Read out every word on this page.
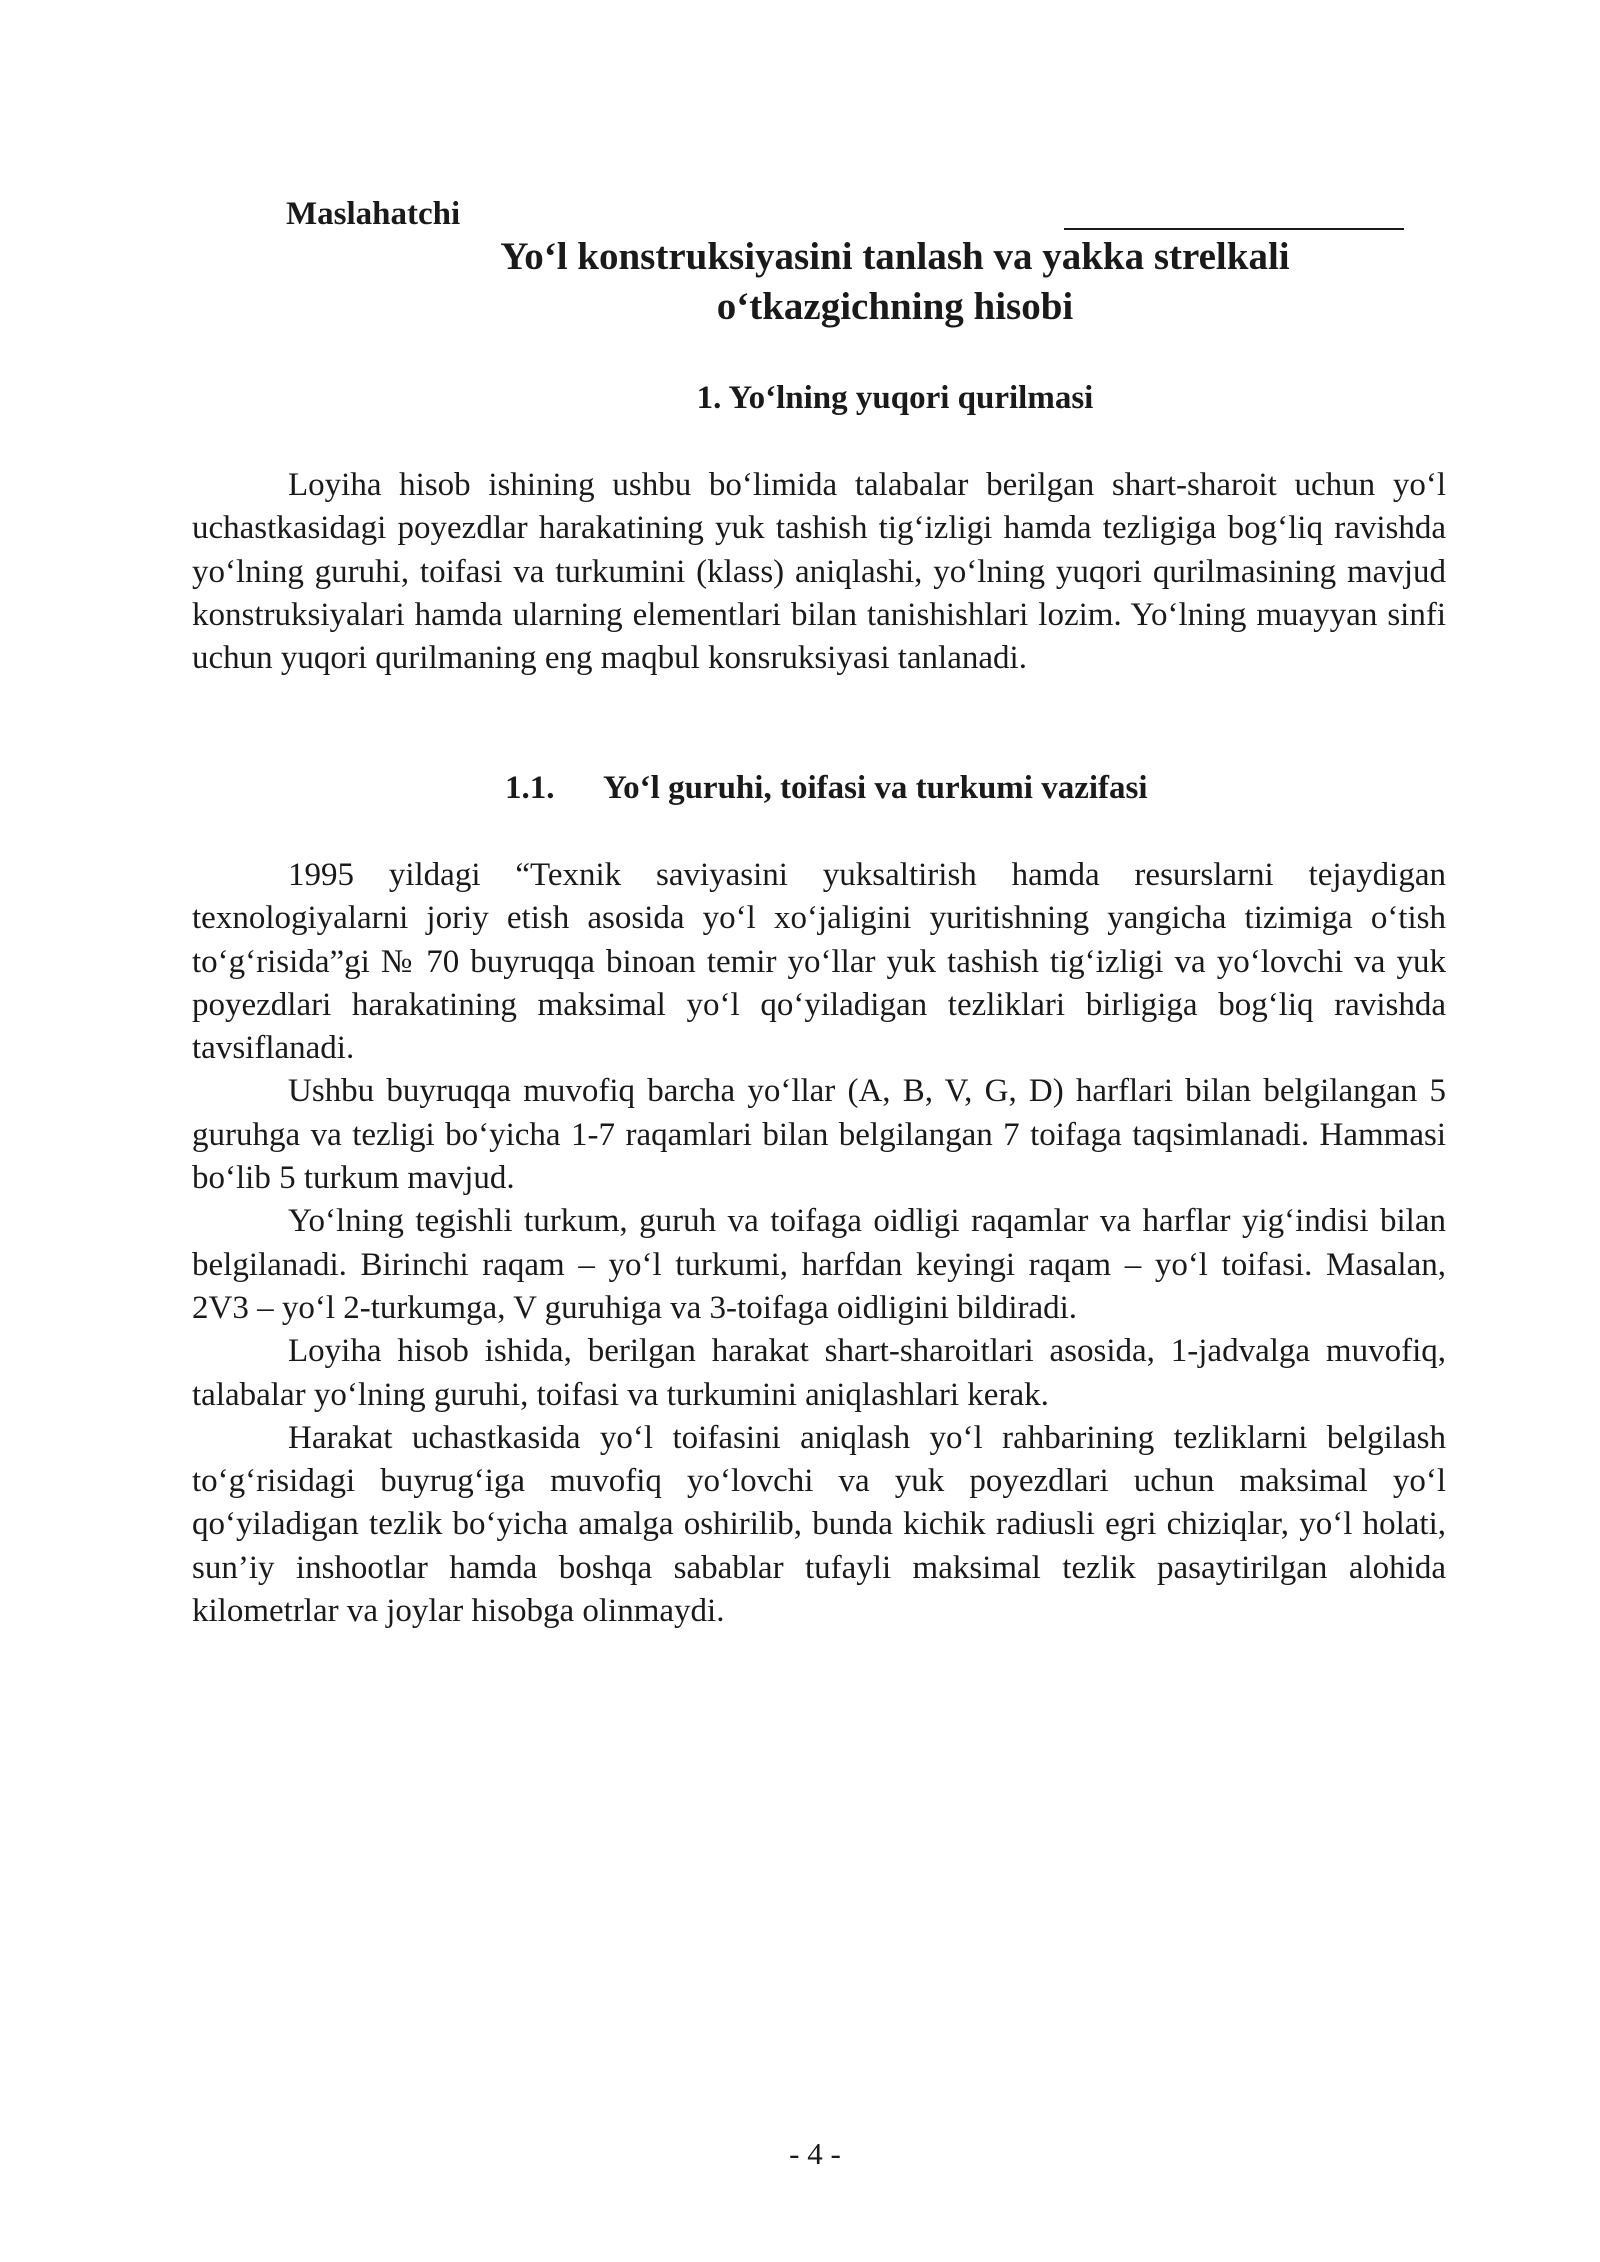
Maslahatchi
Yo‘l konstruksiyasini tanlash va yakka strelkali
o‘tkazgichning hisobi
1. Yo‘lning yuqori qurilmasi

Loyiha hisob ishining ushbu bo‘limida talabalar berilgan shart-sharoit uchun yo‘l uchastkasidagi poyezdlar harakatining yuk tashish tig‘izligi hamda tezligiga bog‘liq ravishda yo‘lning guruhi, toifasi va turkumini (klass) aniqlashi, yo‘lning yuqori qurilmasining mavjud konstruksiyalari hamda ularning elementlari bilan tanishishlari lozim. Yo‘lning muayyan sinfi uchun yuqori qurilmaning eng maqbul konsruksiyasi tanlanadi.

1.1. Yo‘l guruhi, toifasi va turkumi vazifasi

1995 yildagi “Texnik saviyasini yuksaltirish hamda resurslarni tejaydigan texnologiyalarni joriy etish asosida yo‘l xo‘jaligini yuritishning yangicha tizimiga o‘tish to‘g‘risida”gi № 70 buyruqqa binoan temir yo‘llar yuk tashish tig‘izligi va yo‘lovchi va yuk poyezdlari harakatining maksimal yo‘l qo‘yiladigan tezliklari birligiga bog‘liq ravishda tavsiflanadi.

Ushbu buyruqqa muvofiq barcha yo‘llar (A, B, V, G, D) harflari bilan belgilangan 5 guruhga va tezligi bo‘yicha 1-7 raqamlari bilan belgilangan 7 toifaga taqsimlanadi. Hammasi bo‘lib 5 turkum mavjud.

Yo‘lning tegishli turkum, guruh va toifaga oidligi raqamlar va harflar yig‘indisi bilan belgilanadi. Birinchi raqam – yo‘l turkumi, harfdan keyingi raqam – yo‘l toifasi. Masalan, 2V3 – yo‘l 2-turkumga, V guruhiga va 3-toifaga oidligini bildiradi.

Loyiha hisob ishida, berilgan harakat shart-sharoitlari asosida, 1-jadvalga muvofiq, talabalar yo‘lning guruhi, toifasi va turkumini aniqlashlari kerak.

Harakat uchastkasida yo‘l toifasini aniqlash yo‘l rahbarining tezliklarni belgilash to‘g‘risidagi buyrug‘iga muvofiq yo‘lovchi va yuk poyezdlari uchun maksimal yo‘l qo‘yiladigan tezlik bo‘yicha amalga oshirilib, bunda kichik radiusli egri chiziqlar, yo‘l holati, sun’iy inshootlar hamda boshqa sabablar tufayli maksimal tezlik pasaytirilgan alohida kilometrlar va joylar hisobga olinmaydi.

- 4 -
